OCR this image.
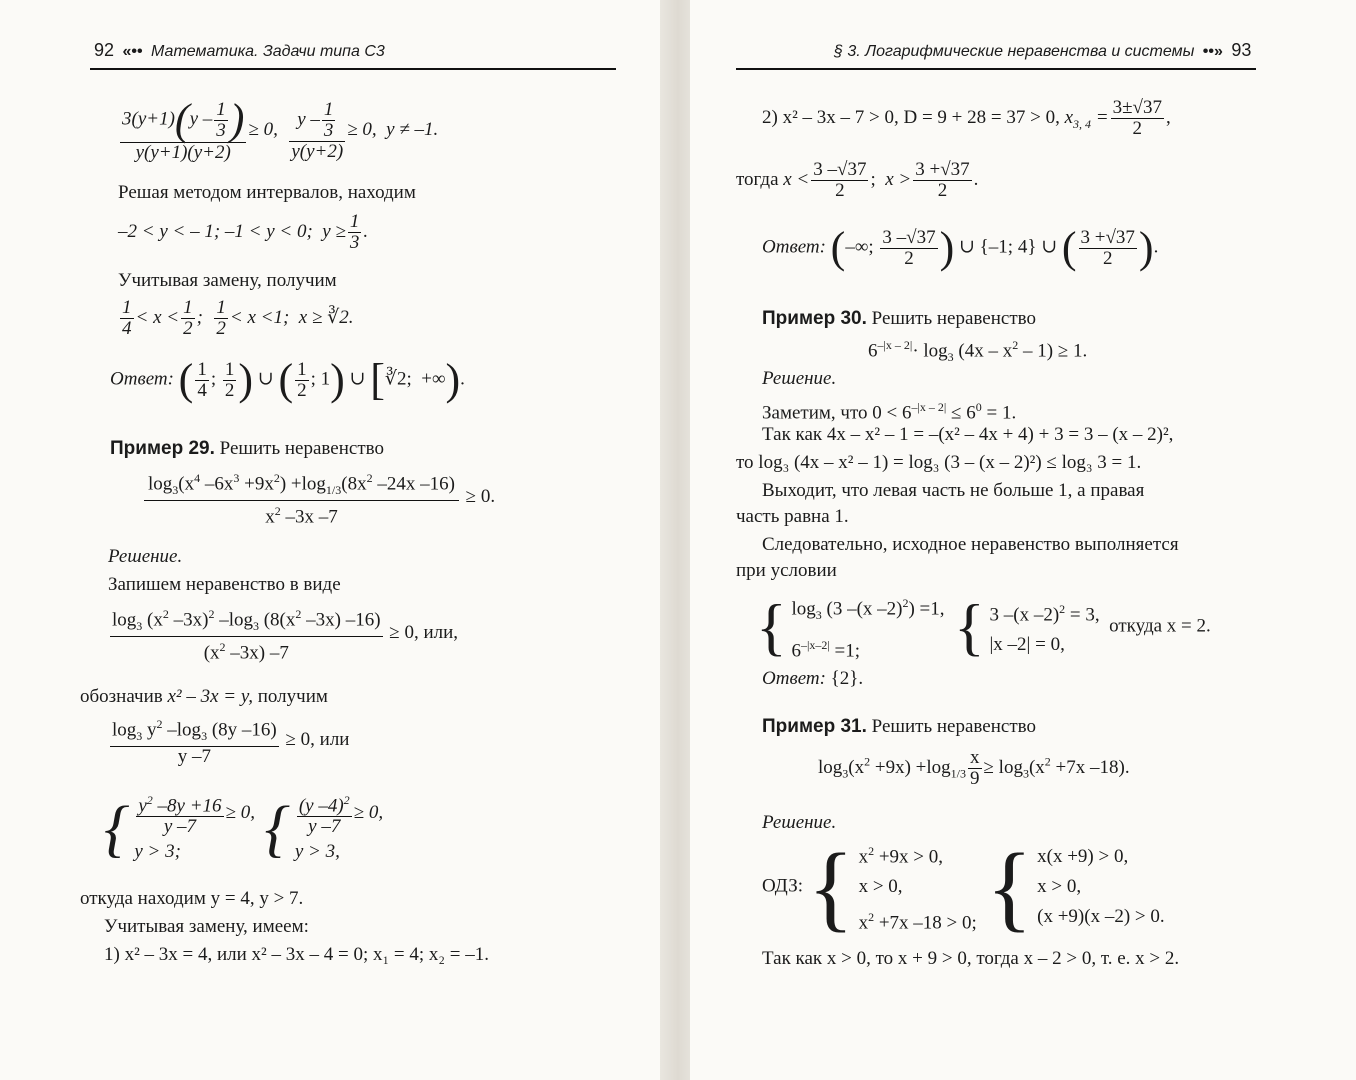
92 «•• Математика. Задачи типа С3	§ 3. Логарифмические неравенства и системы ••» 93
$\frac{3(y+1)(y - \frac{1}{3} )}{y(y+1)(y+2)} \ge 0$, $\frac{y - \frac{1}{3}}{y(y+2)} \ge 0$,  y ≠ –1.
Решая методом интервалов, находим
–2 < y < – 1; –1 < y < 0;  $y \ge \frac{1}{3}$ .
Учитывая замену, получим
$\frac{1}{4} < x < \frac{1}{2}$ ; $\frac{1}{2} < x <1$;  x ≥ ∛2.
Ответ: ( $\frac{1}{4}$ ; $\frac{1}{2}$ ) ∪ ( $\frac{1}{2}$ ; 1) ∪ [∛2;  +∞).
Пример 29. Решить неравенство
$\frac{\log_3(x^4 -6x^3 +9x^2) +\log_{1/3}(8x^2 -24x -16)}{x^2 -3x -7} \ge 0$.
Решение.
Запишем неравенство в виде
$\frac{\log_3 (x^2 -3x)^2 -\log_3 (8(x^2 -3x) -16)}{(x^2 -3x) -7} \ge 0$, или,
обозначив x² – 3x = y, получим
$\frac{\log_3 y^2 -\log_3 (8y -16)}{y -7} \ge 0$, или
{ $\frac{y^2 -8y +16}{y -7} \ge 0$,
y > 3;	{ $\frac{(y -4)^2}{y -7} \ge 0$,
y > 3,
откуда находим y = 4, y > 7.
Учитывая замену, имеем:
1) x² – 3x = 4, или x² – 3x – 4 = 0; x₁ = 4; x₂ = –1.
2) x² – 3x – 7 > 0, D = 9 + 28 = 37 > 0, $x_{3, 4} = \frac{3\pm√37}{2}$ ,
тогда $x < \frac{3 -√37}{2}$ ;  $x > \frac{3 +√37}{2}$ .
Ответ: (–∞; $\frac{3 -√37}{2}$ ) ∪ {–1; 4} ∪ ( $\frac{3 +√37}{2}$ ).
Пример 30. Решить неравенство
$6^{-|x - 2|}\cdot \log_3 (4x - x^2 - 1) \ge 1$.
Решение.
Заметим, что $0 < 6^{-|x - 2|} \le 6^0 = 1$.
Так как 4x – x² – 1 = –(x² – 4x + 4) + 3 = 3 – (x – 2)²,
то log₃ (4x – x² – 1) = log₃ (3 – (x – 2)²) ≤ log₃ 3 = 1.
Выходит, что левая часть не больше 1, а правая
часть равна 1.
Следовательно, исходное неравенство выполняется
при условии
{ $\log_3 (3$ –(x –2)$^2$) =1,
$6^{-|x-2|} =1$;	{ 3 –(x –2)$^2$ = 3,
|x –2| = 0,
откуда x = 2.
Ответ: {2}.
Пример 31. Решить неравенство
$\log_3(x^2 +9x) +\log_{1/3} \frac{x}{9} \ge \log_3(x^2 +7x$ –18).
Решение.
ОДЗ: { $x^2 +9x > 0$,
x > 0,
$x^2 +7x$ –18 > 0; { x(x +9) > 0,
x > 0,
(x +9)(x –2) > 0.
Так как x > 0, то x + 9 > 0, тогда x – 2 > 0, т. е. x > 2.
